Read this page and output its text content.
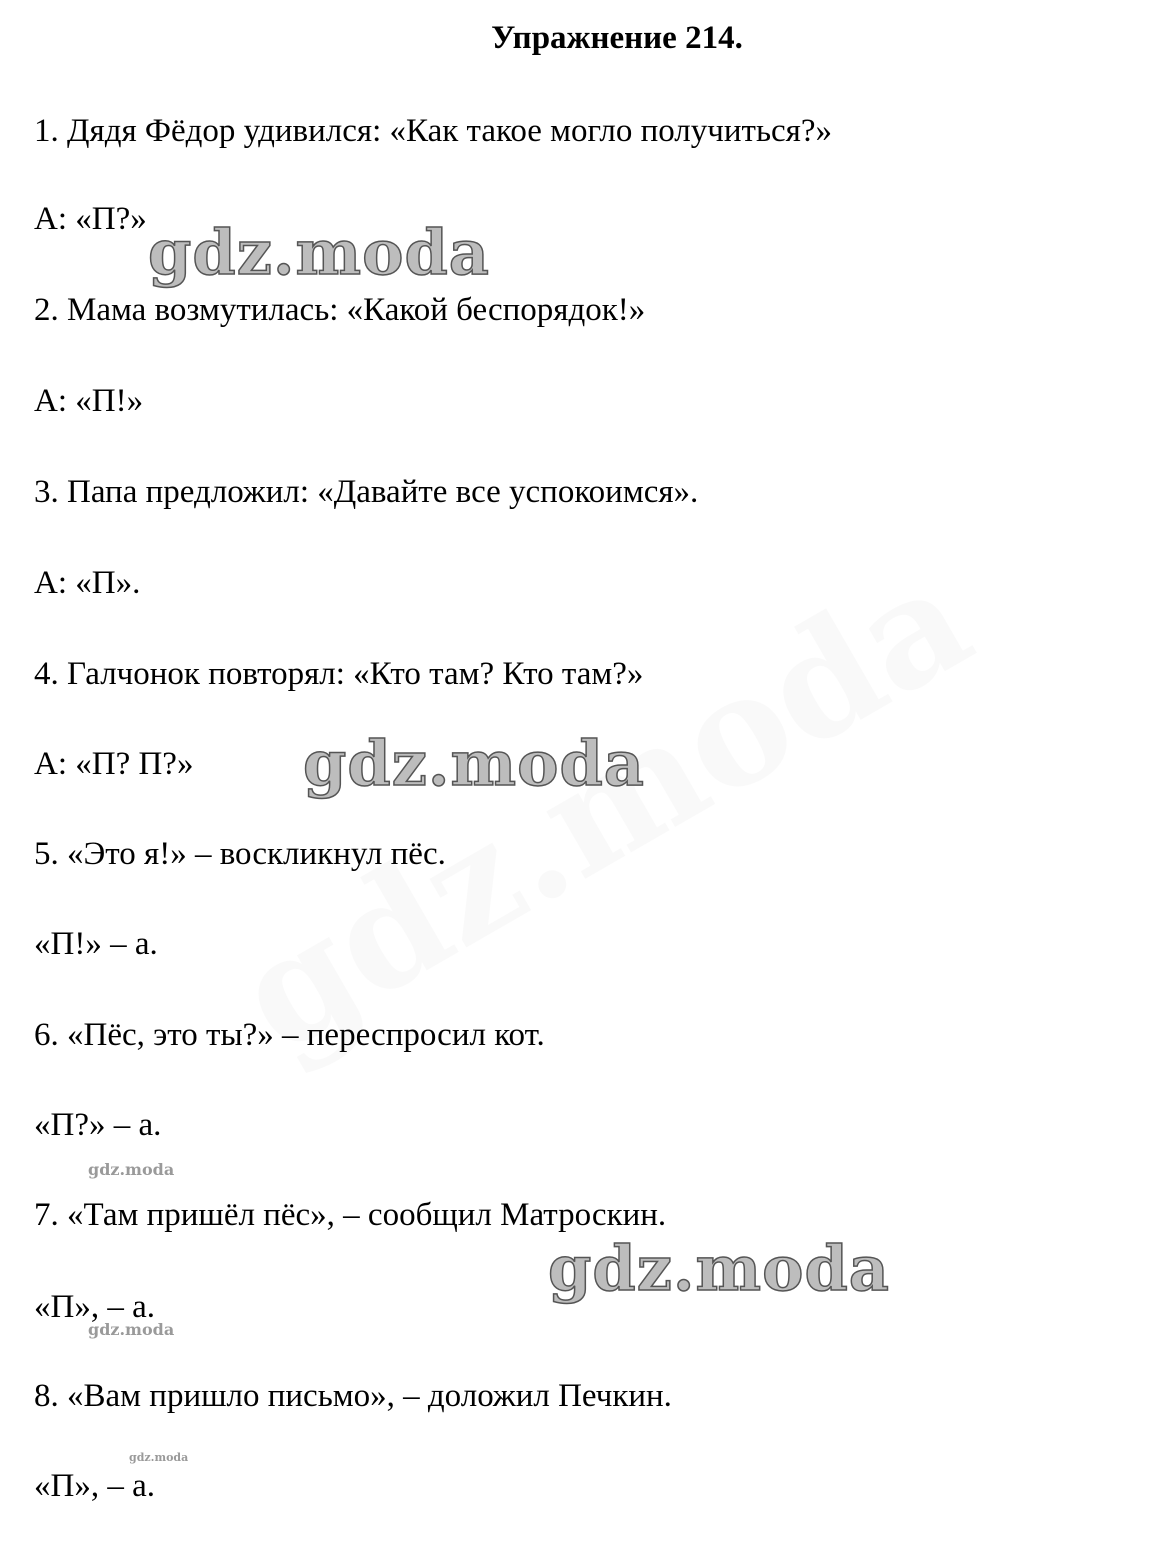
Упражнение 214.
1. Дядя Фёдор удивился: «Как такое могло получиться?»
А: «П?»
2. Мама возмутилась: «Какой беспорядок!»
А: «П!»
3. Папа предложил: «Давайте все успокоимся».
А: «П».
4. Галчонок повторял: «Кто там? Кто там?»
А: «П? П?»
5. «Это я!» – воскликнул пёс.
«П!» – а.
6. «Пёс, это ты?» – переспросил кот.
«П?» – а.
7. «Там пришёл пёс», – сообщил Матроскин.
«П», – а.
8. «Вам пришло письмо», – доложил Печкин.
«П», – а.
gdz.moda
gdz.moda
gdz.moda
gdz.moda
gdz.moda
gdz.moda
